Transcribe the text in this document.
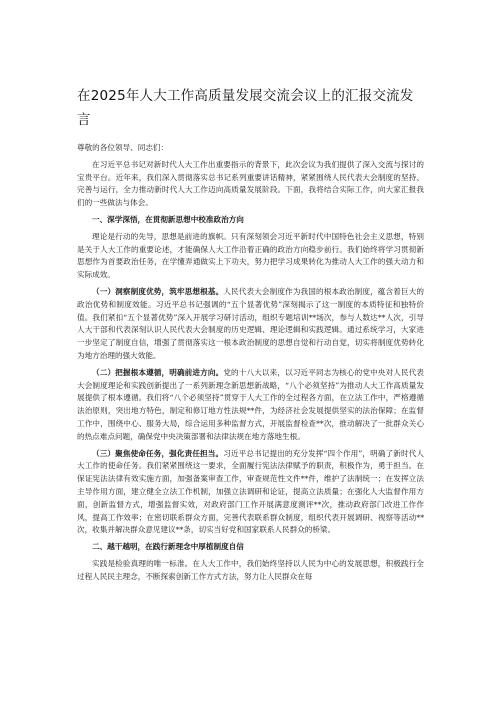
在2025年人大工作高质量发展交流会议上的汇报交流发言

尊敬的各位领导、同志们：

在习近平总书记对新时代人大工作出重要指示的背景下，此次会议为我们提供了深入交流与探讨的宝贵平台。近年来，我们深入贯彻落实总书记系列重要讲话精神，紧紧围绕人民代表大会制度的坚持、完善与运行，全力推动新时代人大工作迈向高质量发展阶段。下面，我将结合实际工作，向大家汇报我们的一些做法与体会。

一、深学深悟，在贯彻新思想中校准政治方向

理论是行动的先导，思想是前进的旗帜。只有深刻领会习近平新时代中国特色社会主义思想，特别是关于人大工作的重要论述，才能确保人大工作沿着正确的政治方向稳步前行。我们始终将学习贯彻新思想作为首要政治任务，在学懂弄通做实上下功夫，努力把学习成果转化为推动人大工作的强大动力和实际成效。

（一）洞察制度优势，筑牢思想根基。人民代表大会制度作为我国的根本政治制度，蕴含着巨大的政治优势和制度效能。习近平总书记强调的“五个显著优势”深刻揭示了这一制度的本质特征和独特价值。我们紧扣“五个显著优势”深入开展学习研讨活动，组织专题培训**场次，参与人数达**人次，引导人大干部和代表深刻认识人民代表大会制度的历史逻辑、理论逻辑和实践逻辑。通过系统学习，大家进一步坚定了制度自信，增强了贯彻落实这一根本政治制度的思想自觉和行动自觉，切实将制度优势转化为地方治理的强大效能。

（二）把握根本遵循，明确前进方向。党的十八大以来，以习近平同志为核心的党中央对人民代表大会制度理论和实践创新提出了一系列新理念新思想新战略，“八个必须坚持”为推动人大工作高质量发展提供了根本遵循。我们将“八个必须坚持”贯穿于人大工作的全过程各方面，在立法工作中，严格遵循法治原则，突出地方特色，制定和修订地方性法规**件，为经济社会发展提供坚实的法治保障；在监督工作中，围绕中心、服务大局，综合运用多种监督方式，开展监督检查**次，推动解决了一批群众关心的热点难点问题，确保党中央决策部署和法律法规在地方落地生根。

（三）聚焦使命任务，强化责任担当。习近平总书记提出的充分发挥“四个作用”，明确了新时代人大工作的使命任务。我们紧紧围绕这一要求，全面履行宪法法律赋予的职责，积极作为，勇于担当。在保证宪法法律有效实施方面，加强备案审查工作，审查规范性文件**件，维护了法制统一；在发挥立法主导作用方面，建立健全立法工作机制，加强立法调研和论证，提高立法质量；在强化人大监督作用方面，创新监督方式，增强监督实效，对政府部门工作开展满意度测评**次，推动政府部门改进工作作风，提高工作效率；在密切联系群众方面，完善代表联系群众制度，组织代表开展调研、视察等活动**次，收集并解决群众意见建议**条，切实当好党和国家联系人民群众的桥梁。

二、越干越明，在践行新理念中厚植制度自信

实践是检验真理的唯一标准。在人大工作中，我们始终坚持以人民为中心的发展思想，积极践行全过程人民民主理念，不断探索创新工作方式方法，努力让人民群众在每
